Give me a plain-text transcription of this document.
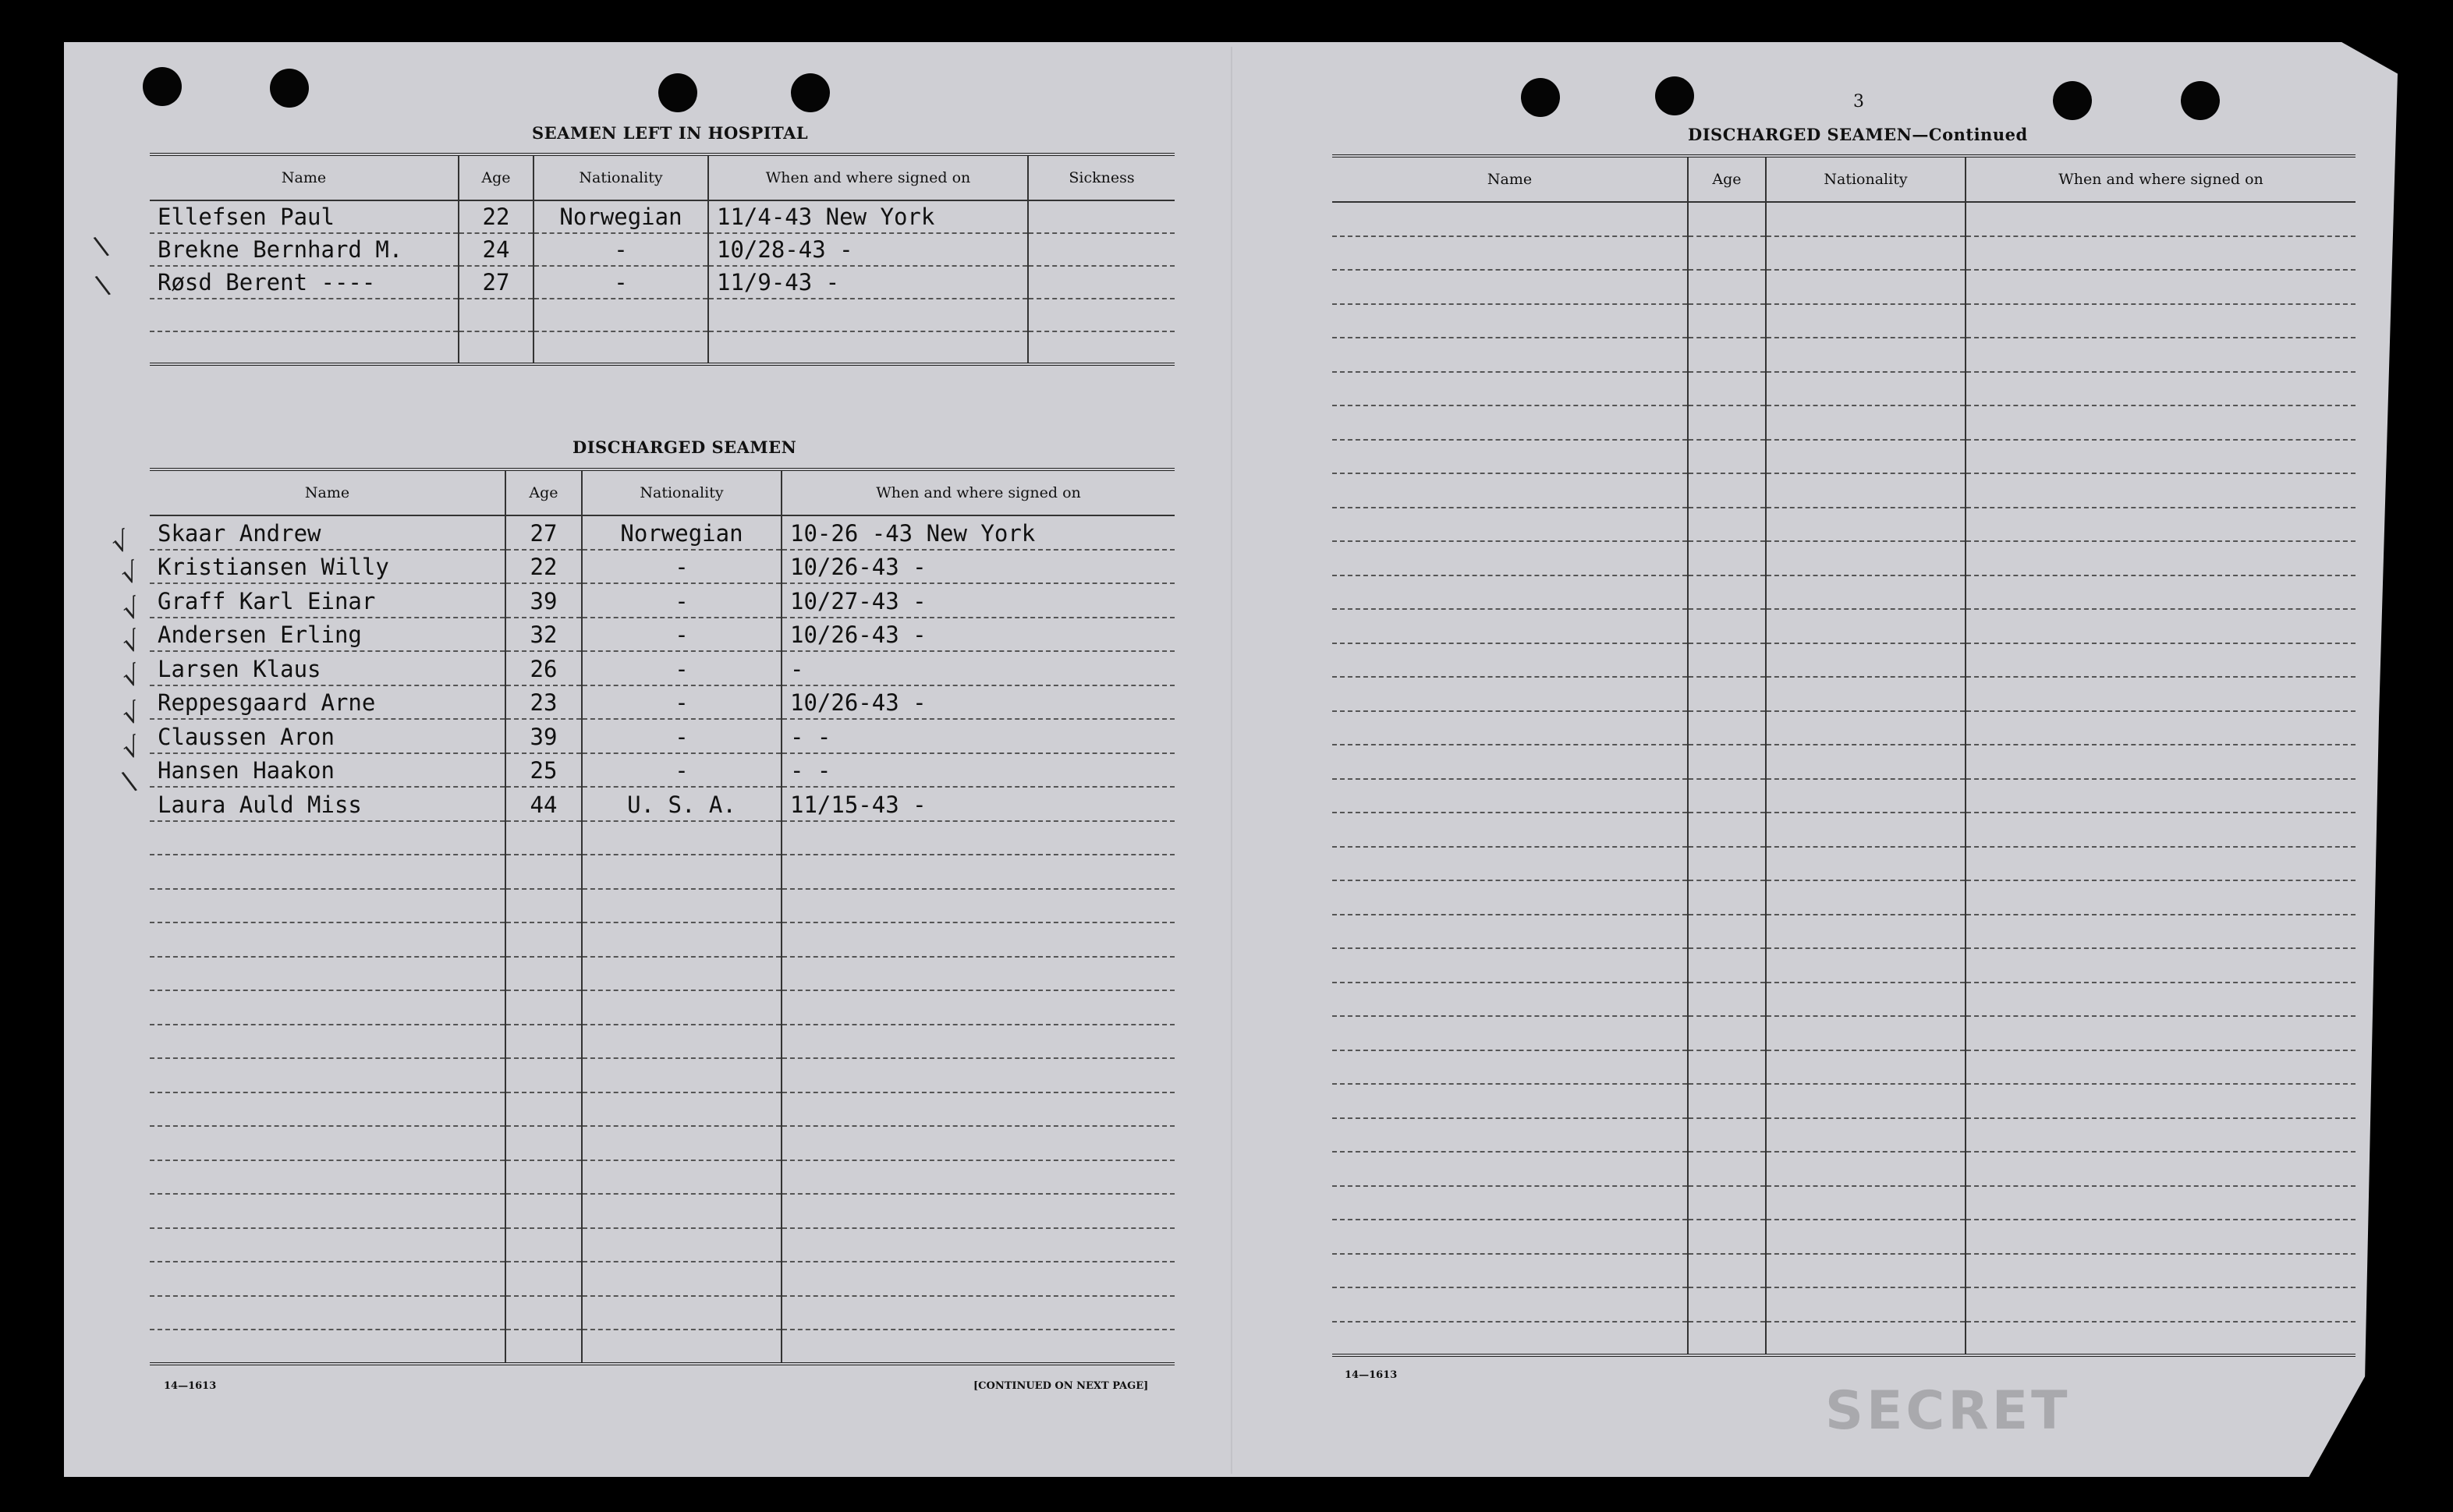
SEAMEN LEFT IN HOSPITAL
Name	Age	Nationality	When and where signed on	Sickness
Ellefsen Paul	22	Norwegian	11/4-43 New York	
Brekne Bernhard M.	24	-	10/28-43 -	
Røsd Berent ----	27	-	11/9-43 -	

DISCHARGED SEAMEN
Name	Age	Nationality	When and where signed on
Skaar Andrew	27	Norwegian	10-26 -43 New York
Kristiansen Willy	22	-	10/26-43 -
Graff Karl Einar	39	-	10/27-43 -
Andersen Erling	32	-	10/26-43 -
Larsen Klaus	26	-	-
Reppesgaard Arne	23	-	10/26-43 -
Claussen Aron	39	-	- -
Hansen Haakon	25	-	- -
Laura Auld Miss	44	U. S. A.	11/15-43 -

\
\
√
√
√
√
√
√
√
\
14—1613	[CONTINUED ON NEXT PAGE]
3
DISCHARGED SEAMEN—Continued
Name	Age	Nationality	When and where signed on

14—1613
SECRET
